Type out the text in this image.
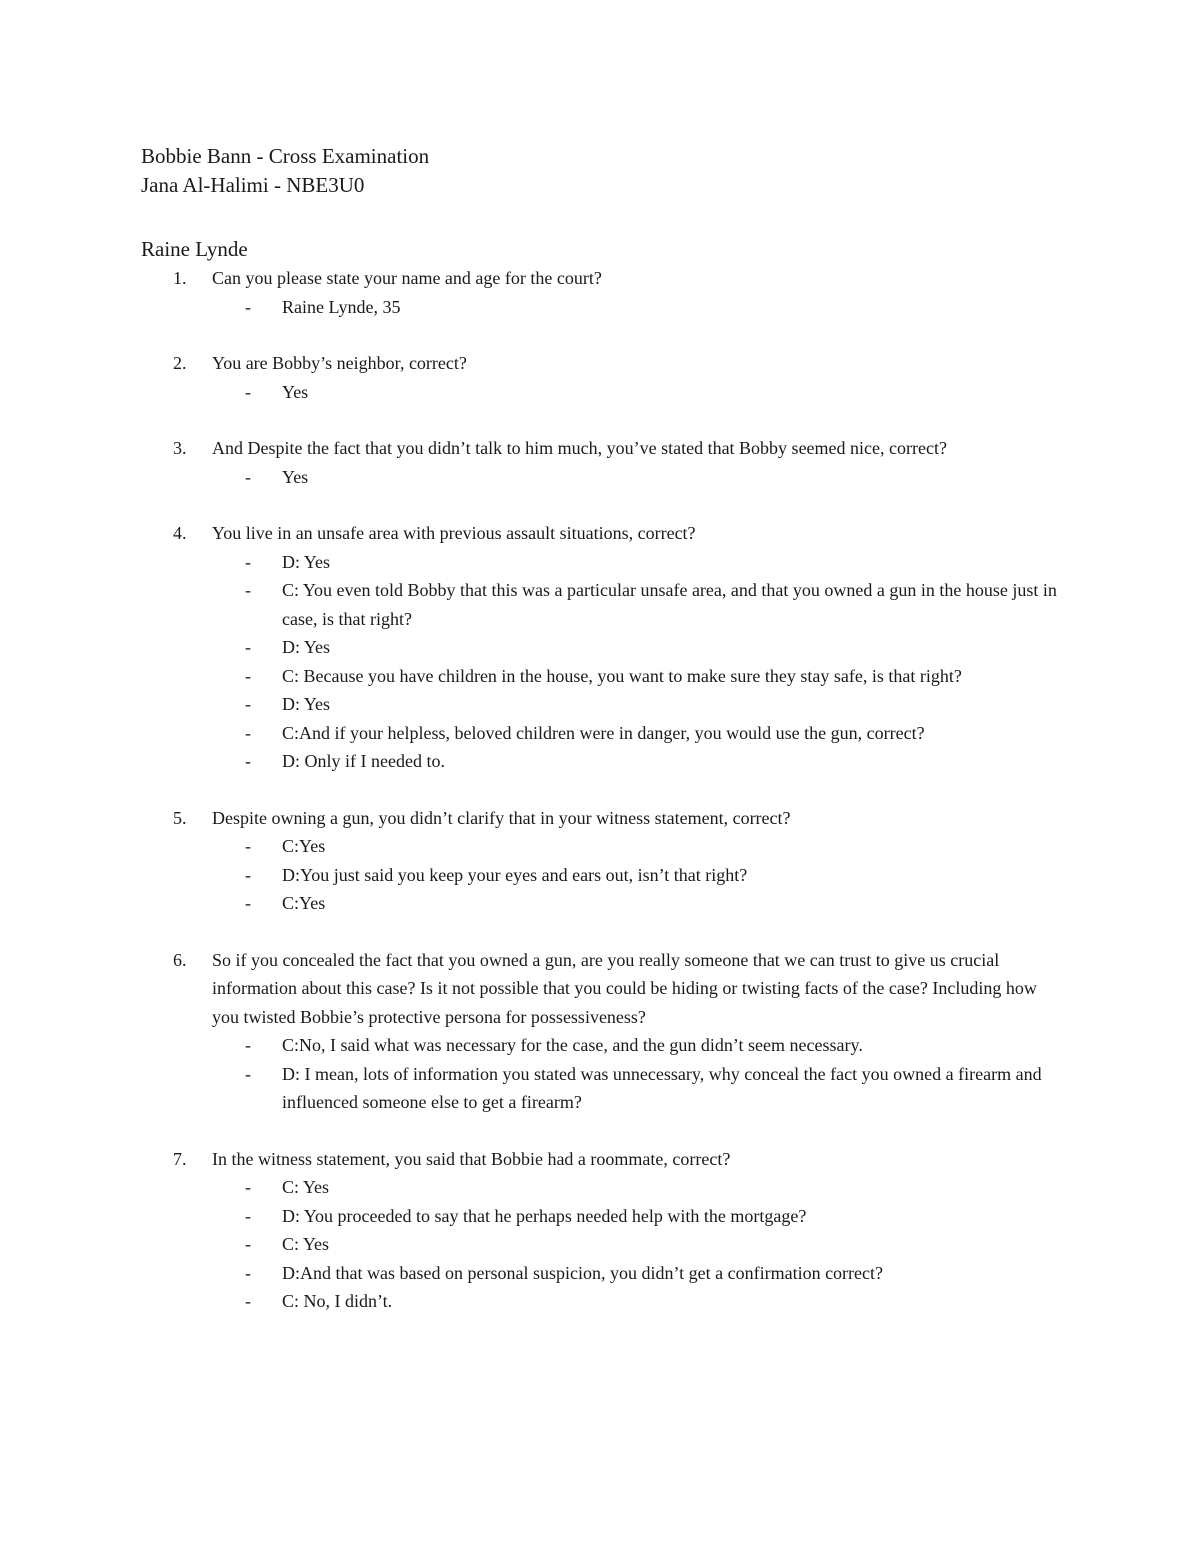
Bobbie Bann - Cross Examination
Jana Al-Halimi - NBE3U0
Raine Lynde
1.	Can you please state your name and age for the court?
- Raine Lynde, 35
2.	You are Bobby’s neighbor, correct?
- Yes
3.	And Despite the fact that you didn’t talk to him much, you’ve stated that Bobby seemed nice, correct?
- Yes
4.	You live in an unsafe area with previous assault situations, correct?
- D: Yes
- C: You even told Bobby that this was a particular unsafe area, and that you owned a gun in the house just in case, is that right?
- D: Yes
- C: Because you have children in the house, you want to make sure they stay safe, is that right?
- D: Yes
- C:And if your helpless, beloved children were in danger, you would use the gun, correct?
- D: Only if I needed to.
5.	Despite owning a gun, you didn’t clarify that in your witness statement, correct?
- C:Yes
- D:You just said you keep your eyes and ears out, isn’t that right?
- C:Yes
6.	So if you concealed the fact that you owned a gun, are you really someone that we can trust to give us crucial information about this case? Is it not possible that you could be hiding or twisting facts of the case? Including how you twisted Bobbie’s protective persona for possessiveness?
- C:No, I said what was necessary for the case, and the gun didn’t seem necessary.
- D: I mean, lots of information you stated was unnecessary, why conceal the fact you owned a firearm and influenced someone else to get a firearm?
7.	In the witness statement, you said that Bobbie had a roommate, correct?
- C: Yes
- D: You proceeded to say that he perhaps needed help with the mortgage?
- C: Yes
- D:And that was based on personal suspicion, you didn’t get a confirmation correct?
- C: No, I didn’t.
